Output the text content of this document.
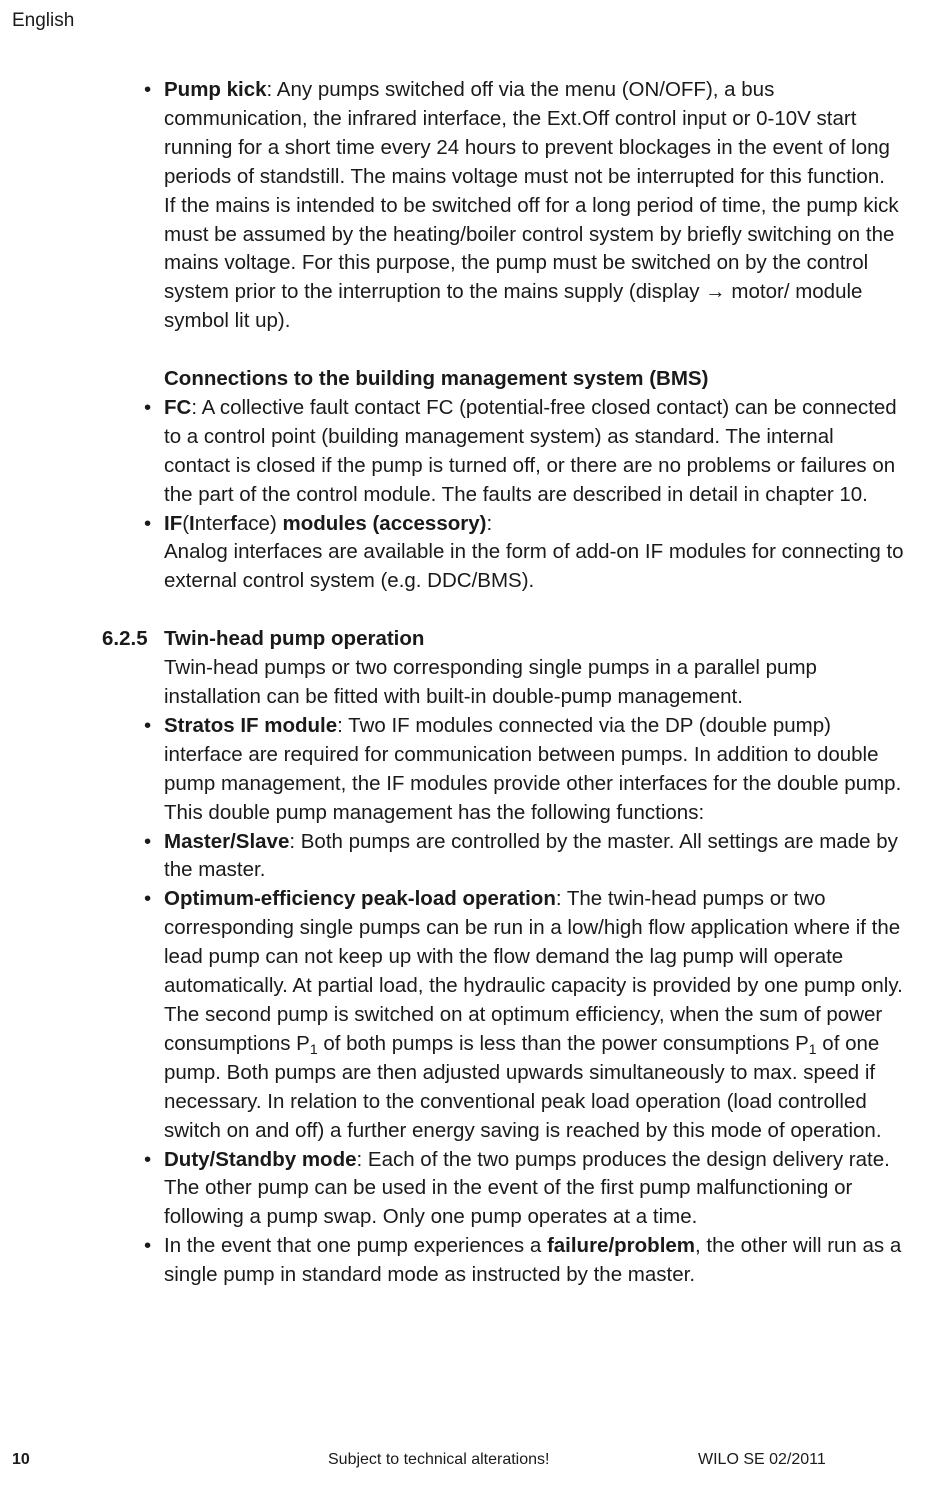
English
• Pump kick: Any pumps switched off via the menu (ON/OFF), a bus communication, the infrared interface, the Ext.Off control input or 0-10V start running for a short time every 24 hours to prevent blockages in the event of long periods of standstill. The mains voltage must not be interrupted for this function.
If the mains is intended to be switched off for a long period of time, the pump kick must be assumed by the heating/boiler control system by briefly switching on the mains voltage. For this purpose, the pump must be switched on by the control system prior to the interruption to the mains supply (display → motor/ module symbol lit up).
Connections to the building management system (BMS)
• FC: A collective fault contact FC (potential-free closed contact) can be connected to a control point (building management system) as standard. The internal contact is closed if the pump is turned off, or there are no problems or failures on the part of the control module. The faults are described in detail in chapter 10.
• IF(Interface) modules (accessory):
Analog interfaces are available in the form of add-on IF modules for connecting to external control system (e.g. DDC/BMS).
6.2.5 Twin-head pump operation
Twin-head pumps or two corresponding single pumps in a parallel pump installation can be fitted with built-in double-pump management.
• Stratos IF module: Two IF modules connected via the DP (double pump) interface are required for communication between pumps. In addition to double pump management, the IF modules provide other interfaces for the double pump.
This double pump management has the following functions:
• Master/Slave: Both pumps are controlled by the master. All settings are made by the master.
• Optimum-efficiency peak-load operation: The twin-head pumps or two corresponding single pumps can be run in a low/high flow application where if the lead pump can not keep up with the flow demand the lag pump will operate automatically. At partial load, the hydraulic capacity is provided by one pump only. The second pump is switched on at optimum efficiency, when the sum of power consumptions $P_1$ of both pumps is less than the power consumptions $P_1$ of one pump. Both pumps are then adjusted upwards simultaneously to max. speed if necessary. In relation to the conventional peak load operation (load controlled switch on and off) a further energy saving is reached by this mode of operation.
• Duty/Standby mode: Each of the two pumps produces the design delivery rate. The other pump can be used in the event of the first pump malfunctioning or following a pump swap. Only one pump operates at a time.
• In the event that one pump experiences a failure/problem, the other will run as a single pump in standard mode as instructed by the master.
10	Subject to technical alterations!	WILO SE 02/2011
